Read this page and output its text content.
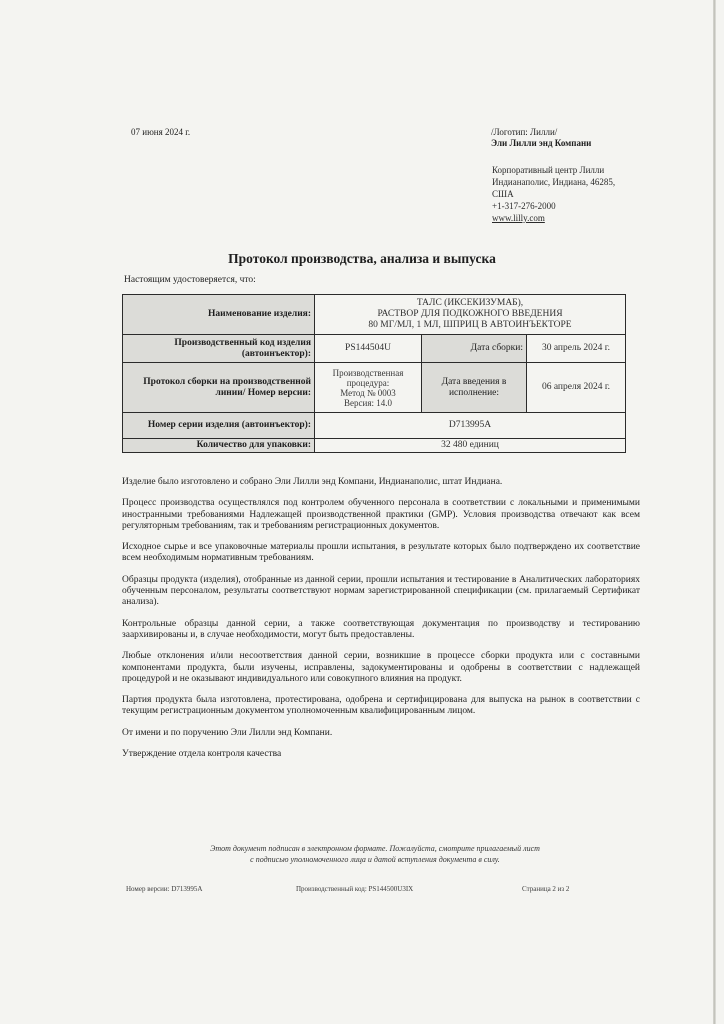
07 июня 2024 г.	/Логотип: Лилли/
Эли Лилли энд Компани
Корпоративный центр Лилли
Индианаполис, Индиана, 46285,
США
+1-317-276-2000
www.lilly.com
Протокол производства, анализа и выпуска
Настоящим удостоверяется, что:
Наименование изделия:	ТАЛС (ИКСЕКИЗУМАБ),
РАСТВОР ДЛЯ ПОДКОЖНОГО ВВЕДЕНИЯ
80 МГ/МЛ, 1 МЛ, ШПРИЦ В АВТОИНЪЕКТОРЕ		

Производственный код изделия (автоинъектор):	PS144504U	Дата сборки:	30 апрель 2024 г.
Протокол сборки на производственной линии/ Номер версии:	Производственная
процедура:
Метод № 0003
Версия: 14.0	Дата введения в исполнение:	06 апреля 2024 г.
Номер серии изделия (автоинъектор):	D713995A		
Количество для упаковки:	32 480 единиц		

Изделие было изготовлено и собрано Эли Лилли энд Компани, Индианаполис, штат Индиана.

Процесс производства осуществлялся под контролем обученного персонала в соответствии с локальными и применимыми иностранными требованиями Надлежащей производственной практики (GMP). Условия производства отвечают как всем регуляторным требованиям, так и требованиям регистрационных документов.

Исходное сырье и все упаковочные материалы прошли испытания, в результате которых было подтверждено их соответствие всем необходимым нормативным требованиям.

Образцы продукта (изделия), отобранные из данной серии, прошли испытания и тестирование в Аналитических лабораториях обученным персоналом, результаты соответствуют нормам зарегистрированной спецификации (см. прилагаемый Сертификат анализа).

Контрольные образцы данной серии, а также соответствующая документация по производству и тестированию заархивированы и, в случае необходимости, могут быть предоставлены.

Любые отклонения и/или несоответствия данной серии, возникшие в процессе сборки продукта или с составными компонентами продукта, были изучены, исправлены, задокументированы и одобрены в соответствии с надлежащей процедурой и не оказывают индивидуального или совокупного влияния на продукт.

Партия продукта была изготовлена, протестирована, одобрена и сертифицирована для выпуска на рынок в соответствии с текущим регистрационным документом уполномоченным квалифицированным лицом.

От имени и по поручению Эли Лилли энд Компани.

Утверждение отдела контроля качества

Этот документ подписан в электронном формате. Пожалуйста, смотрите прилагаемый лист
с подписью уполномоченного лица и датой вступления документа в силу.
Номер версии: D713995A	Производственный код: PS144500U3IX	Страница 2 из 2
